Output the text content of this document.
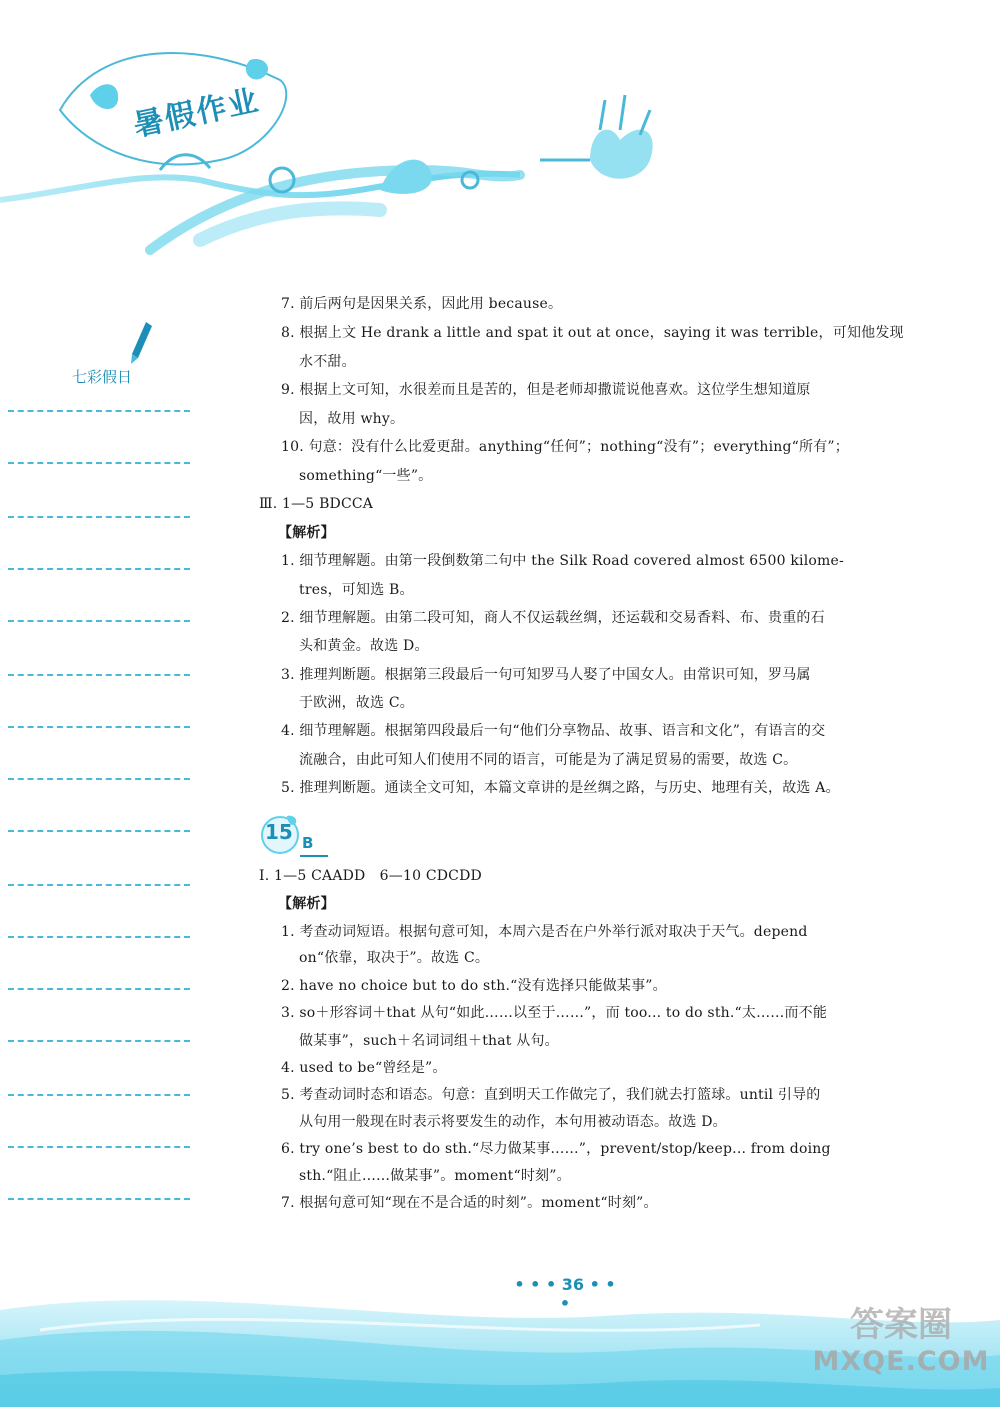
暑假作业
七彩假日
7. 前后两句是因果关系，因此用 because。
8. 根据上文 He drank a little and spat it out at once，saying it was terrible，可知他发现
水不甜。
9. 根据上文可知，水很差而且是苦的，但是老师却撒谎说他喜欢。这位学生想知道原
因，故用 why。
10. 句意：没有什么比爱更甜。anything“任何”；nothing“没有”；everything“所有”；
something“一些”。
Ⅲ. 1—5 BDCCA
【解析】
1. 细节理解题。由第一段倒数第二句中 the Silk Road covered almost 6500 kilome-
tres，可知选 B。
2. 细节理解题。由第二段可知，商人不仅运载丝绸，还运载和交易香料、布、贵重的石
头和黄金。故选 D。
3. 推理判断题。根据第三段最后一句可知罗马人娶了中国女人。由常识可知，罗马属
于欧洲，故选 C。
4. 细节理解题。根据第四段最后一句“他们分享物品、故事、语言和文化”，有语言的交
流融合，由此可知人们使用不同的语言，可能是为了满足贸易的需要，故选 C。
5. 推理判断题。通读全文可知，本篇文章讲的是丝绸之路，与历史、地理有关，故选 A。
Ⅰ. 1—5 CAADD　6—10 CDCDD
【解析】
1. 考查动词短语。根据句意可知，本周六是否在户外举行派对取决于天气。depend
on“依靠，取决于”。故选 C。
2. have no choice but to do sth.“没有选择只能做某事”。
3. so＋形容词＋that 从句“如此……以至于……”，而 too... to do sth.“太……而不能
做某事”，such＋名词词组＋that 从句。
4. used to be“曾经是”。
5. 考查动词时态和语态。句意：直到明天工作做完了，我们就去打篮球。until 引导的
从句用一般现在时表示将要发生的动作，本句用被动语态。故选 D。
6. try one’s best to do sth.“尽力做某事……”，prevent/stop/keep... from doing
sth.“阻止……做某事”。moment“时刻”。
7. 根据句意可知“现在不是合适的时刻”。moment“时刻”。
15 B
• • • 36 • • •
答案圈
MXQE.COM
